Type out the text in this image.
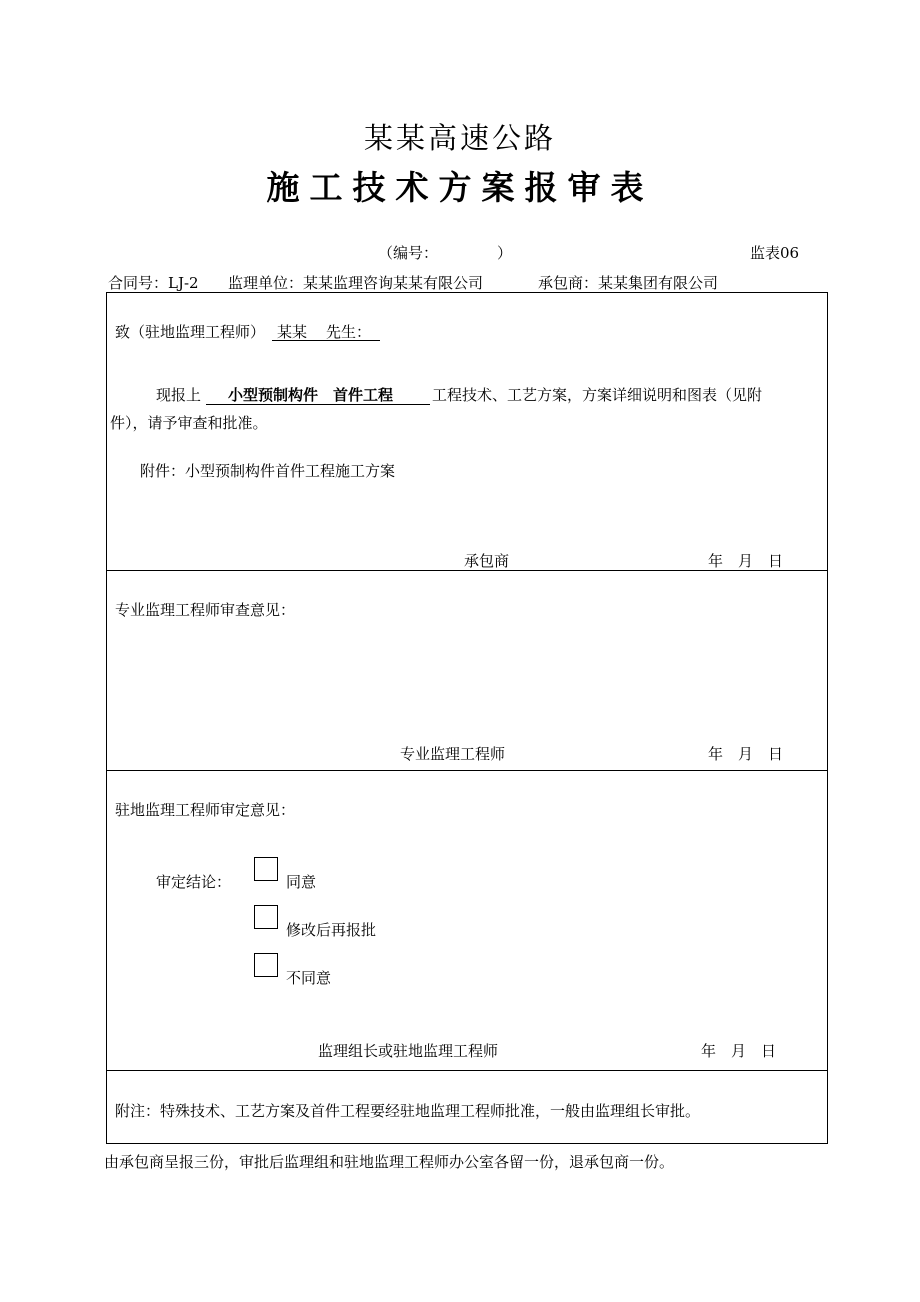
某某高速公路
施工技术方案报审表
（编号：	）	监表06
合同号：LJ-2 监理单位：某某监理咨询某某有限公司	承包商：某某集团有限公司
致（驻地监理工程师） 某某 先生：
现报上 小型预制构件　首件工程	工程技术、工艺方案，方案详细说明和图表（见附
件），请予审查和批准。
附件：小型预制构件首件工程施工方案
承包商	年　月　日
专业监理工程师审查意见：
专业监理工程师	年　月　日
驻地监理工程师审定意见：
审定结论：	同意
修改后再报批
不同意
监理组长或驻地监理工程师	年　月　日
附注：特殊技术、工艺方案及首件工程要经驻地监理工程师批准，一般由监理组长审批。
由承包商呈报三份，审批后监理组和驻地监理工程师办公室各留一份，退承包商一份。
